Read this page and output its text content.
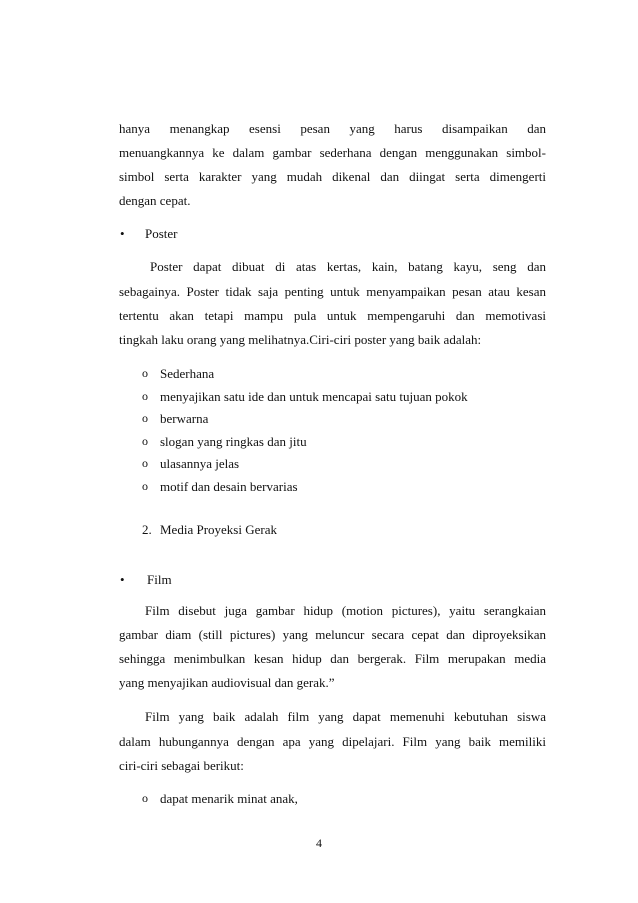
hanya menangkap esensi pesan yang harus disampaikan dan
menuangkannya ke dalam gambar sederhana dengan menggunakan simbol-
simbol serta karakter yang mudah dikenal dan diingat serta dimengerti
dengan cepat.
• Poster
Poster dapat dibuat di atas kertas, kain, batang kayu, seng dan
sebagainya. Poster tidak saja penting untuk menyampaikan pesan atau kesan
tertentu akan tetapi mampu pula untuk mempengaruhi dan memotivasi
tingkah laku orang yang melihatnya.Ciri-ciri poster yang baik adalah:
o Sederhana
o menyajikan satu ide dan untuk mencapai satu tujuan pokok
o berwarna
o slogan yang ringkas dan jitu
o ulasannya jelas
o motif dan desain bervarias
2. Media Proyeksi Gerak
• Film
Film disebut juga gambar hidup (motion pictures), yaitu serangkaian
gambar diam (still pictures) yang meluncur secara cepat dan diproyeksikan
sehingga menimbulkan kesan hidup dan bergerak. Film merupakan media
yang menyajikan audiovisual dan gerak.”
Film yang baik adalah film yang dapat memenuhi kebutuhan siswa
dalam hubungannya dengan apa yang dipelajari. Film yang baik memiliki
ciri-ciri sebagai berikut:
o dapat menarik minat anak,
4
